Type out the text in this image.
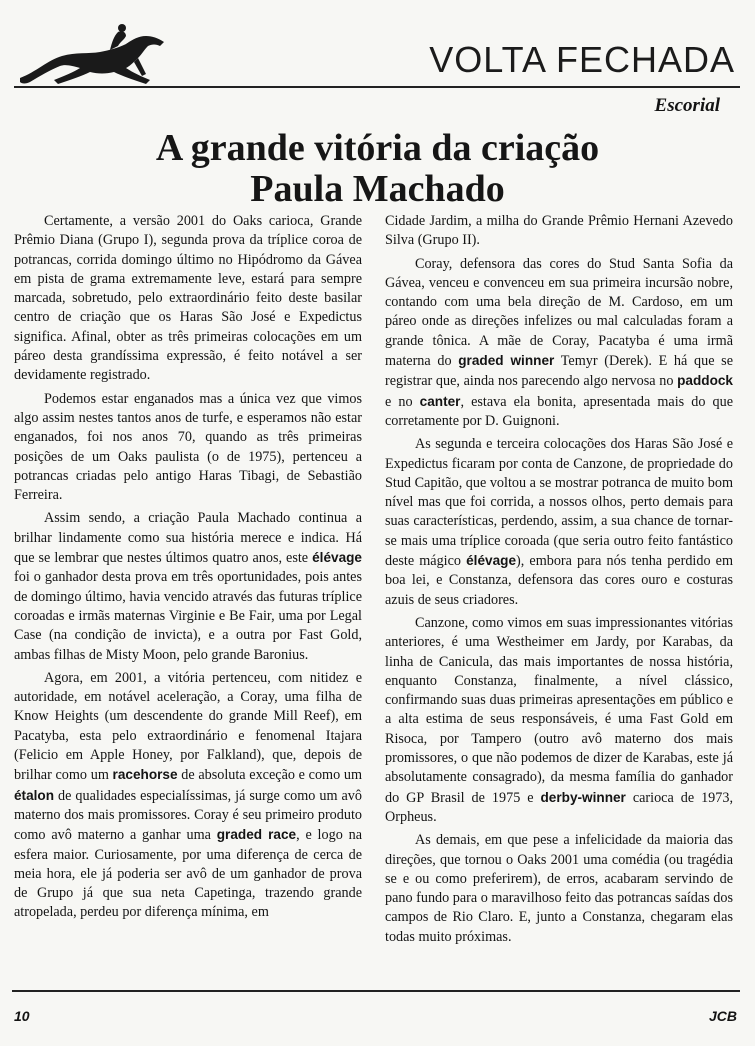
VOLTA FECHADA
Escorial
A grande vitória da criação
Paula Machado

Certamente, a versão 2001 do Oaks carioca, Grande Prêmio Diana (Grupo I), segunda prova da tríplice coroa de potrancas, corrida domingo último no Hipódromo da Gávea em pista de grama extremamente leve, estará para sempre marcada, sobretudo, pelo extraordinário feito deste basilar centro de criação que os Haras São José e Expedictus significa. Afinal, obter as três primeiras colocações em um páreo desta grandíssima expressão, é feito notável a ser devidamente registrado.

Podemos estar enganados mas a única vez que vimos algo assim nestes tantos anos de turfe, e esperamos não estar enganados, foi nos anos 70, quando as três primeiras posições de um Oaks paulista (o de 1975), pertenceu a potrancas criadas pelo antigo Haras Tibagi, de Sebastião Ferreira.

Assim sendo, a criação Paula Machado continua a brilhar lindamente como sua história merece e indica. Há que se lembrar que nestes últimos quatro anos, este élévage foi o ganhador desta prova em três oportunidades, pois antes de domingo último, havia vencido através das futuras tríplice coroadas e irmãs maternas Virginie e Be Fair, uma por Legal Case (na condição de invicta), e a outra por Fast Gold, ambas filhas de Misty Moon, pelo grande Baronius.

Agora, em 2001, a vitória pertenceu, com nitidez e autoridade, em notável aceleração, a Coray, uma filha de Know Heights (um descendente do grande Mill Reef), em Pacatyba, esta pelo extraordinário e fenomenal Itajara (Felicio em Apple Honey, por Falkland), que, depois de brilhar como um racehorse de absoluta exceção e como um étalon de qualidades especialíssimas, já surge como um avô materno dos mais promissores. Coray é seu primeiro produto como avô materno a ganhar uma graded race, e logo na esfera maior. Curiosamente, por uma diferença de cerca de meia hora, ele já poderia ser avô de um ganhador de prova de Grupo já que sua neta Capetinga, trazendo grande atropelada, perdeu por diferença mínima, em

Cidade Jardim, a milha do Grande Prêmio Hernani Azevedo Silva (Grupo II).

Coray, defensora das cores do Stud Santa Sofia da Gávea, venceu e convenceu em sua primeira incursão nobre, contando com uma bela direção de M. Cardoso, em um páreo onde as direções infelizes ou mal calculadas foram a grande tônica. A mãe de Coray, Pacatyba é uma irmã materna do graded winner Temyr (Derek). E há que se registrar que, ainda nos parecendo algo nervosa no paddock e no canter, estava ela bonita, apresentada mais do que corretamente por D. Guignoni.

As segunda e terceira colocações dos Haras São José e Expedictus ficaram por conta de Canzone, de propriedade do Stud Capitão, que voltou a se mostrar potranca de muito bom nível mas que foi corrida, a nossos olhos, perto demais para suas características, perdendo, assim, a sua chance de tornar-se mais uma tríplice coroada (que seria outro feito fantástico deste mágico élévage), embora para nós tenha perdido em boa lei, e Constanza, defensora das cores ouro e costuras azuis de seus criadores.

Canzone, como vimos em suas impressionantes vitórias anteriores, é uma Westheimer em Jardy, por Karabas, da linha de Canicula, das mais importantes de nossa história, enquanto Constanza, finalmente, a nível clássico, confirmando suas duas primeiras apresentações em público e a alta estima de seus responsáveis, é uma Fast Gold em Risoca, por Tampero (outro avô materno dos mais promissores, o que não podemos de dizer de Karabas, este já absolutamente consagrado), da mesma família do ganhador do GP Brasil de 1975 e derby-winner carioca de 1973, Orpheus.

As demais, em que pese a infelicidade da maioria das direções, que tornou o Oaks 2001 uma comédia (ou tragédia se e ou como preferirem), de erros, acabaram servindo de pano fundo para o maravilhoso feito das potrancas saídas dos campos de Rio Claro. E, junto a Constanza, chegaram elas todas muito próximas.

10	JCB
